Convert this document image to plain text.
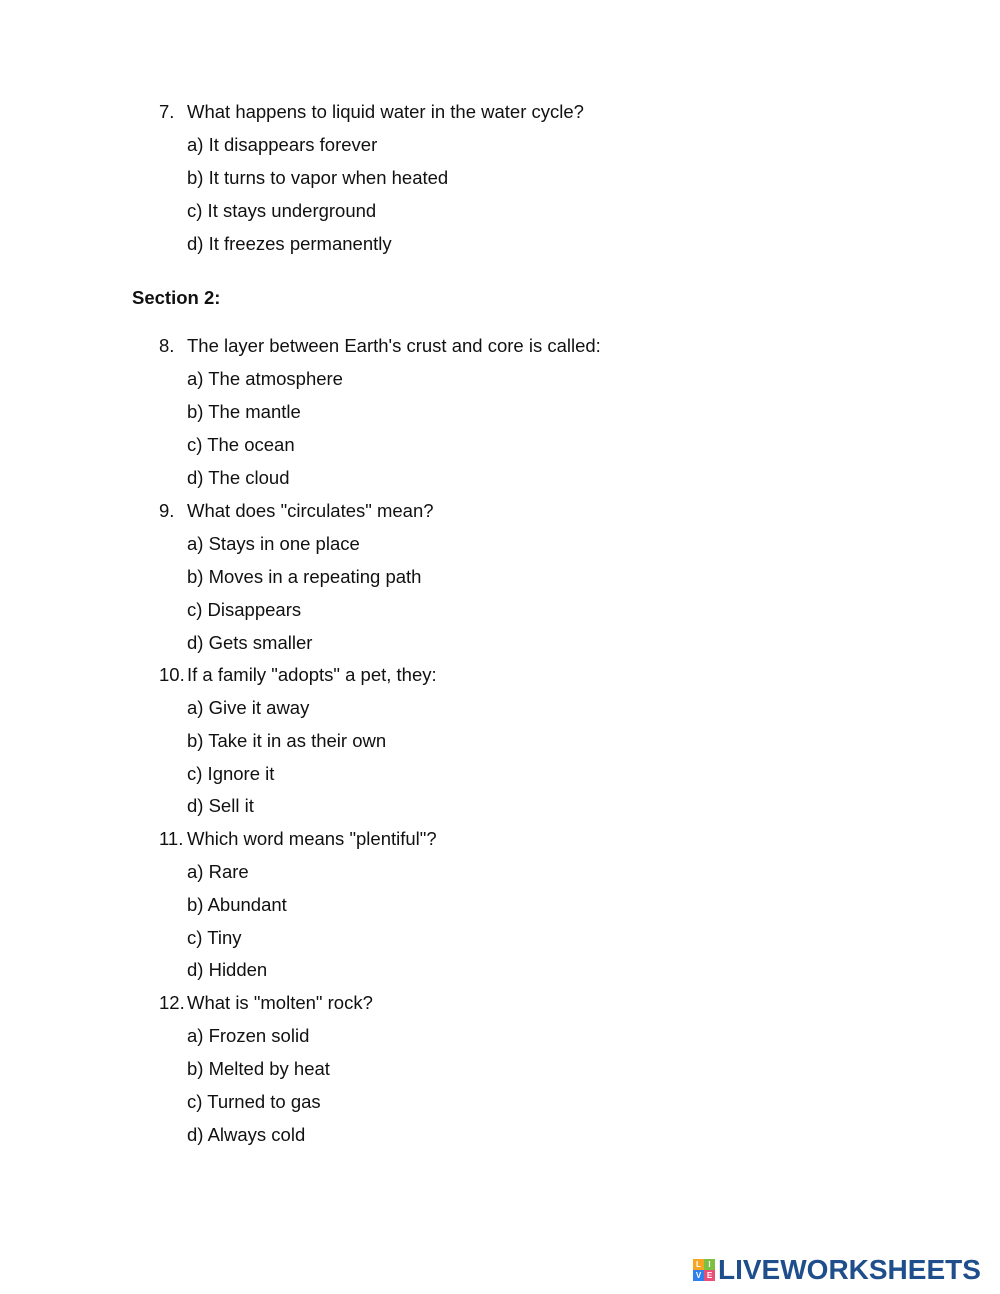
7. What happens to liquid water in the water cycle?
a) It disappears forever
b) It turns to vapor when heated
c) It stays underground
d) It freezes permanently
Section 2:
8. The layer between Earth's crust and core is called:
a) The atmosphere
b) The mantle
c) The ocean
d) The cloud
9. What does "circulates" mean?
a) Stays in one place
b) Moves in a repeating path
c) Disappears
d) Gets smaller
10. If a family "adopts" a pet, they:
a) Give it away
b) Take it in as their own
c) Ignore it
d) Sell it
11. Which word means "plentiful"?
a) Rare
b) Abundant
c) Tiny
d) Hidden
12. What is "molten" rock?
a) Frozen solid
b) Melted by heat
c) Turned to gas
d) Always cold
L I
V E LIVEWORKSHEETS
